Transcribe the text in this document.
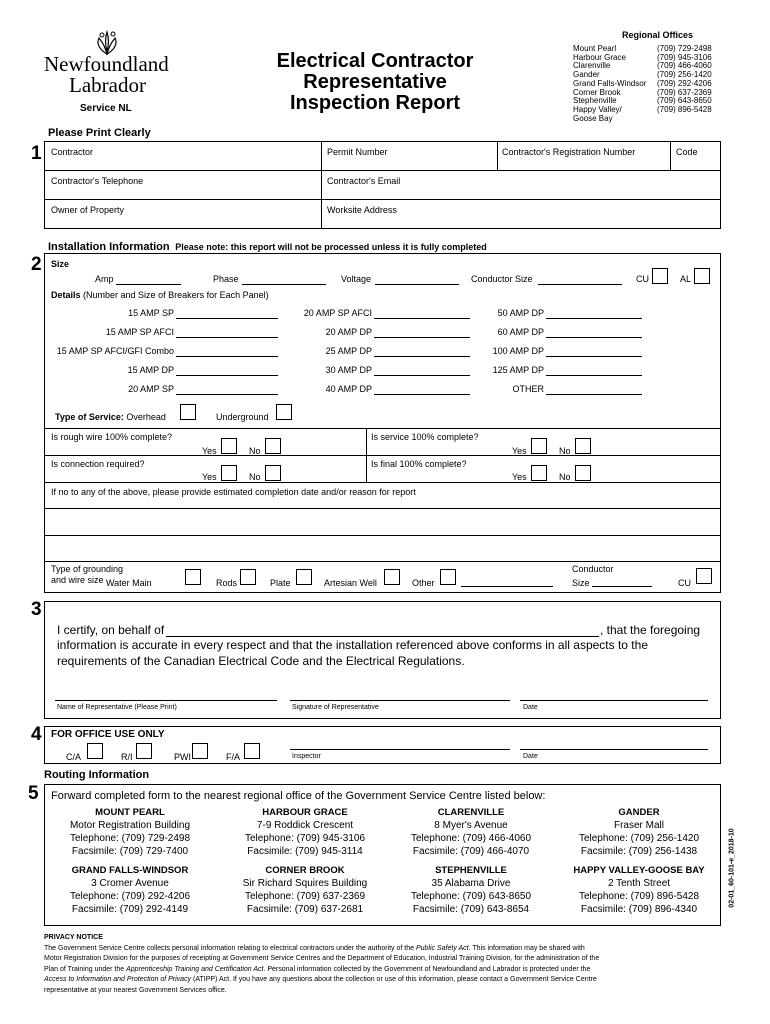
Newfoundland
Labrador
Service NL
Electrical Contractor
Representative
Inspection Report
Regional Offices
Mount Pearl	(709) 729-2498
Harbour Grace	(709) 945-3106
Clarenville	(709) 466-4060
Gander	(709) 256-1420
Grand Falls-Windsor (709) 292-4206
Corner Brook	(709) 637-2369
Stephenville	(709) 643-8650
Happy Valley/	(709) 896-5428
Goose Bay
Please Print Clearly
1 Contractor	Permit Number	Contractor's Registration Number	Code
Contractor's Telephone	Contractor's Email
Owner of Property	Worksite Address
Installation Information Please note: this report will not be processed unless it is fully completed
2 Size
Amp	Phase	Voltage	Conductor Size	CU	AL
Details (Number and Size of Breakers for Each Panel)
15 AMP SP
15 AMP SP AFCI
15 AMP SP AFCI/GFI Combo
15 AMP DP
20 AMP SP
20 AMP SP AFCI
20 AMP DP
25 AMP DP
30 AMP DP
40 AMP DP
50 AMP DP
60 AMP DP
100 AMP DP
125 AMP DP
OTHER
Type of Service: Overhead	Underground
Is rough wire 100% complete?
Yes	No
Is service 100% complete?
Yes	No
Is connection required?
Yes	No
Is final 100% complete?
Yes	No
If no to any of the above, please provide estimated completion date and/or reason for report
Type of grounding
and wire size Water Main	Rods	Plate	Artesian Well	Other
Conductor
Size	CU
3
I certify, on behalf of	, that the foregoing
information is accurate in every respect and that the installation referenced above conforms in all aspects to the
requirements of the Canadian Electrical Code and the Electrical Regulations.
Name of Representative (Please Print)	Signature of Representative	Date
4 FOR OFFICE USE ONLY
C/A	R/I	PWI	F/A	Inspector	Date
Routing Information
5 Forward completed form to the nearest regional office of the Government Service Centre listed below:
MOUNT PEARL
Motor Registration Building
Telephone: (709) 729-2498
Facsimile: (709) 729-7400
HARBOUR GRACE
7-9 Roddick Crescent
Telephone: (709) 945-3106
Facsimile: (709) 945-3114
CLARENVILLE
8 Myer's Avenue
Telephone: (709) 466-4060
Facsimile: (709) 466-4070
GANDER
Fraser Mall
Telephone: (709) 256-1420
Facsimile: (709) 256-1438
GRAND FALLS-WINDSOR
3 Cromer Avenue
Telephone: (709) 292-4206
Facsimile: (709) 292-4149
CORNER BROOK
Sir Richard Squires Building
Telephone: (709) 637-2369
Facsimile: (709) 637-2681
STEPHENVILLE
35 Alabama Drive
Telephone: (709) 643-8650
Facsimile: (709) 643-8654
HAPPY VALLEY-GOOSE BAY
2 Tenth Street
Telephone: (709) 896-5428
Facsimile: (709) 896-4340
02-01_60-101-e_2018-10
PRIVACY NOTICE
The Government Service Centre collects personal information relating to electrical contractors under the authority of the Public Safety Act. This information may be shared with
Motor Registration Division for the purposes of receipting at Government Service Centres and the Department of Education, Industrial Training Division, for the administration of the
Plan of Training under the Apprenticeship Training and Certification Act. Personal information collected by the Government of Newfoundland and Labrador is protected under the
Access to Information and Protection of Privacy (ATIPP) Act. If you have any questions about the collection or use of this information, please contact a Government Service Centre
representative at your nearest Government Services office.
